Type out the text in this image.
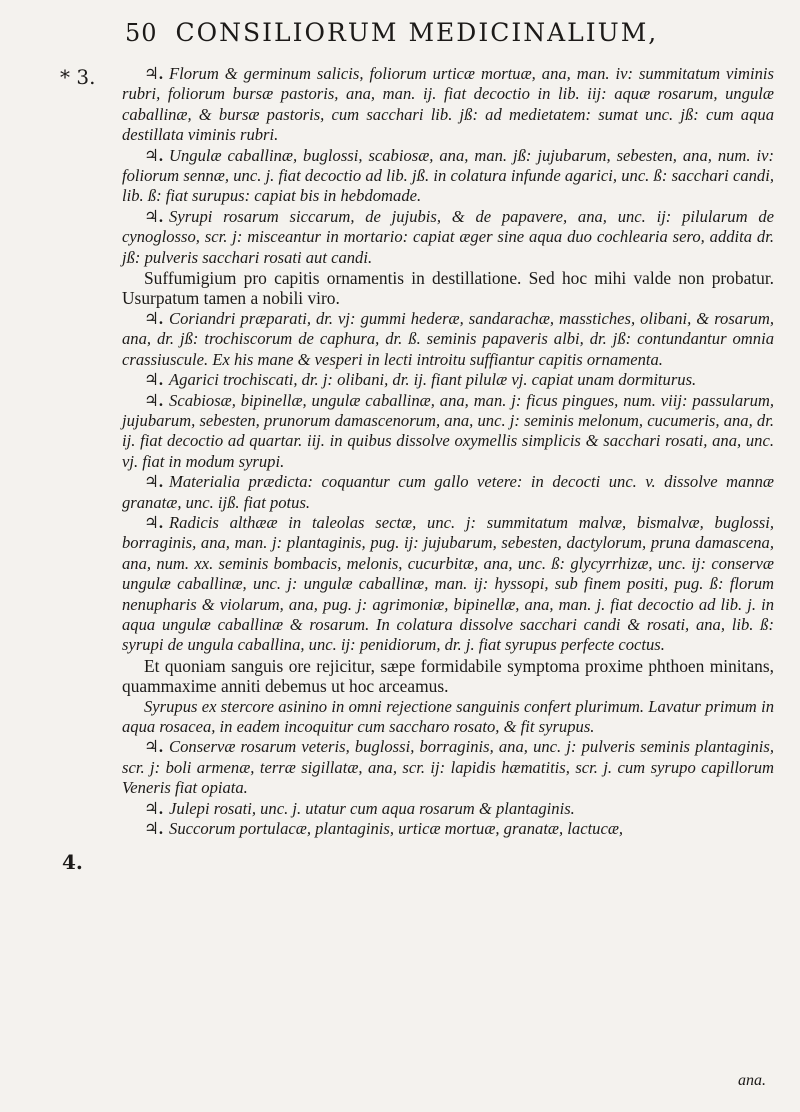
50 CONSILIORUM MEDICINALIUM,
* 3.
4.

♃. Florum & germinum salicis, foliorum urticæ mortuæ, ana, man. iv: summitatum viminis rubri, foliorum bursæ pastoris, ana, man. ij. fiat decoctio in lib. iij: aquæ rosarum, ungulæ caballinæ, & bursæ pastoris, cum sacchari lib. jß: ad medietatem: sumat unc. jß: cum aqua destillata viminis rubri.

♃. Ungulæ caballinæ, buglossi, scabiosæ, ana, man. jß: jujubarum, sebesten, ana, num. iv: foliorum sennæ, unc. j. fiat decoctio ad lib. jß. in colatura infunde agarici, unc. ß: sacchari candi, lib. ß: fiat surupus: capiat bis in hebdomade.

♃. Syrupi rosarum siccarum, de jujubis, & de papavere, ana, unc. ij: pilularum de cynoglosso, scr. j: misceantur in mortario: capiat æger sine aqua duo cochlearia sero, addita dr. jß: pulveris sacchari rosati aut candi.

Suffumigium pro capitis ornamentis in destillatione. Sed hoc mihi valde non probatur. Usurpatum tamen a nobili viro.

♃. Coriandri præparati, dr. vj: gummi hederæ, sandarachæ, masstiches, olibani, & rosarum, ana, dr. jß: trochiscorum de caphura, dr. ß. seminis papaveris albi, dr. jß: contundantur omnia crassiuscule. Ex his mane & vesperi in lecti introitu suffiantur capitis ornamenta.

♃. Agarici trochiscati, dr. j: olibani, dr. ij. fiant pilulæ vj. capiat unam dormiturus.

♃. Scabiosæ, bipinellæ, ungulæ caballinæ, ana, man. j: ficus pingues, num. viij: passularum, jujubarum, sebesten, prunorum damascenorum, ana, unc. j: seminis melonum, cucumeris, ana, dr. ij. fiat decoctio ad quartar. iij. in quibus dissolve oxymellis simplicis & sacchari rosati, ana, unc. vj. fiat in modum syrupi.

♃. Materialia prædicta: coquantur cum gallo vetere: in decocti unc. v. dissolve mannæ granatæ, unc. ijß. fiat potus.

♃. Radicis althææ in taleolas sectæ, unc. j: summitatum malvæ, bismalvæ, buglossi, borraginis, ana, man. j: plantaginis, pug. ij: jujubarum, sebesten, dactylorum, pruna damascena, ana, num. xx. seminis bombacis, melonis, cucurbitæ, ana, unc. ß: glycyrrhizæ, unc. ij: conservæ ungulæ caballinæ, unc. j: ungulæ caballinæ, man. ij: hyssopi, sub finem positi, pug. ß: florum nenupharis & violarum, ana, pug. j: agrimoniæ, bipinellæ, ana, man. j. fiat decoctio ad lib. j. in aqua ungulæ caballinæ & rosarum. In colatura dissolve sacchari candi & rosati, ana, lib. ß: syrupi de ungula caballina, unc. ij: penidiorum, dr. j. fiat syrupus perfecte coctus.

Et quoniam sanguis ore rejicitur, sæpe formidabile symptoma proxime phthoen minitans, quammaxime anniti debemus ut hoc arceamus.

Syrupus ex stercore asinino in omni rejectione sanguinis confert plurimum. Lavatur primum in aqua rosacea, in eadem incoquitur cum saccharo rosato, & fit syrupus.

♃. Conservæ rosarum veteris, buglossi, borraginis, ana, unc. j: pulveris seminis plantaginis, scr. j: boli armenæ, terræ sigillatæ, ana, scr. ij: lapidis hæmatitis, scr. j. cum syrupo capillorum Veneris fiat opiata.

♃. Julepi rosati, unc. j. utatur cum aqua rosarum & plantaginis.

♃. Succorum portulacæ, plantaginis, urticæ mortuæ, granatæ, lactucæ,

ana.
